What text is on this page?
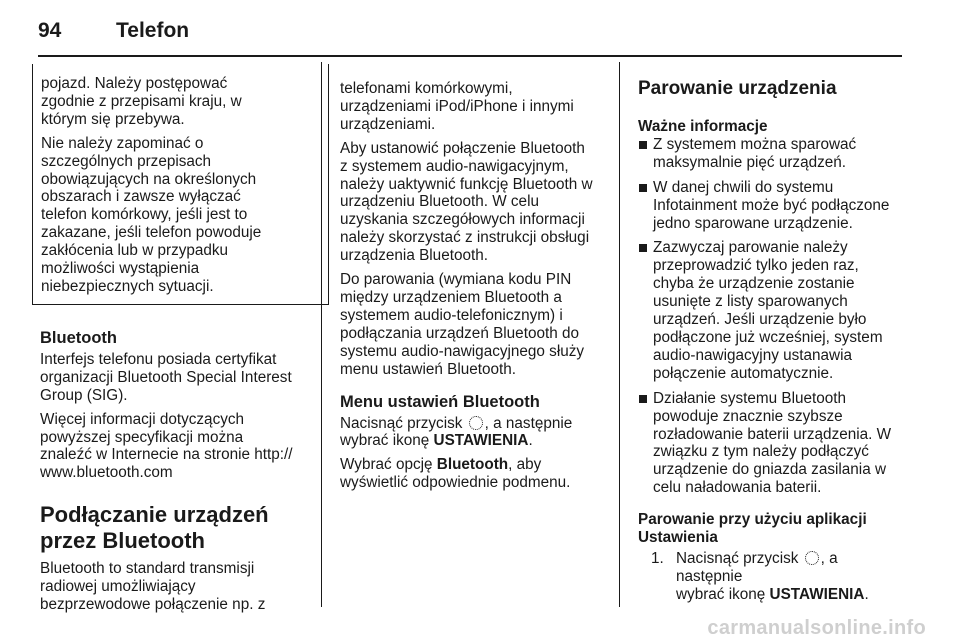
94	Telefon

pojazd. Należy postępować
zgodnie z przepisami kraju, w
którym się przebywa.

Nie należy zapominać o
szczególnych przepisach
obowiązujących na określonych
obszarach i zawsze wyłączać
telefon komórkowy, jeśli jest to
zakazane, jeśli telefon powoduje
zakłócenia lub w przypadku
możliwości wystąpienia
niebezpiecznych sytuacji.

Bluetooth

Interfejs telefonu posiada certyfikat
organizacji Bluetooth Special Interest
Group (SIG).

Więcej informacji dotyczących
powyższej specyfikacji można
znaleźć w Internecie na stronie http://
www.bluetooth.com

Podłączanie urządzeń
przez Bluetooth

Bluetooth to standard transmisji
radiowej umożliwiający
bezprzewodowe połączenie np. z

telefonami komórkowymi,
urządzeniami iPod/iPhone i innymi
urządzeniami.

Aby ustanowić połączenie Bluetooth
z systemem audio-nawigacyjnym,
należy uaktywnić funkcję Bluetooth w
urządzeniu Bluetooth. W celu
uzyskania szczegółowych informacji
należy skorzystać z instrukcji obsługi
urządzenia Bluetooth.

Do parowania (wymiana kodu PIN
między urządzeniem Bluetooth a
systemem audio-telefonicznym) i
podłączania urządzeń Bluetooth do
systemu audio-nawigacyjnego służy
menu ustawień Bluetooth.

Menu ustawień Bluetooth

Nacisnąć przycisk , a następnie
wybrać ikonę USTAWIENIA.

Wybrać opcję Bluetooth, aby
wyświetlić odpowiednie podmenu.

Parowanie urządzenia
Ważne informacje
Z systemem można sparować
maksymalnie pięć urządzeń.
W danej chwili do systemu
Infotainment może być podłączone
jedno sparowane urządzenie.
Zazwyczaj parowanie należy
przeprowadzić tylko jeden raz,
chyba że urządzenie zostanie
usunięte z listy sparowanych
urządzeń. Jeśli urządzenie było
podłączone już wcześniej, system
audio-nawigacyjny ustanawia
połączenie automatycznie.
Działanie systemu Bluetooth
powoduje znacznie szybsze
rozładowanie baterii urządzenia. W
związku z tym należy podłączyć
urządzenie do gniazda zasilania w
celu naładowania baterii.
Parowanie przy użyciu aplikacji
Ustawienia

1. Nacisnąć przycisk , a następnie
wybrać ikonę USTAWIENIA.

carmanualsonline.info
